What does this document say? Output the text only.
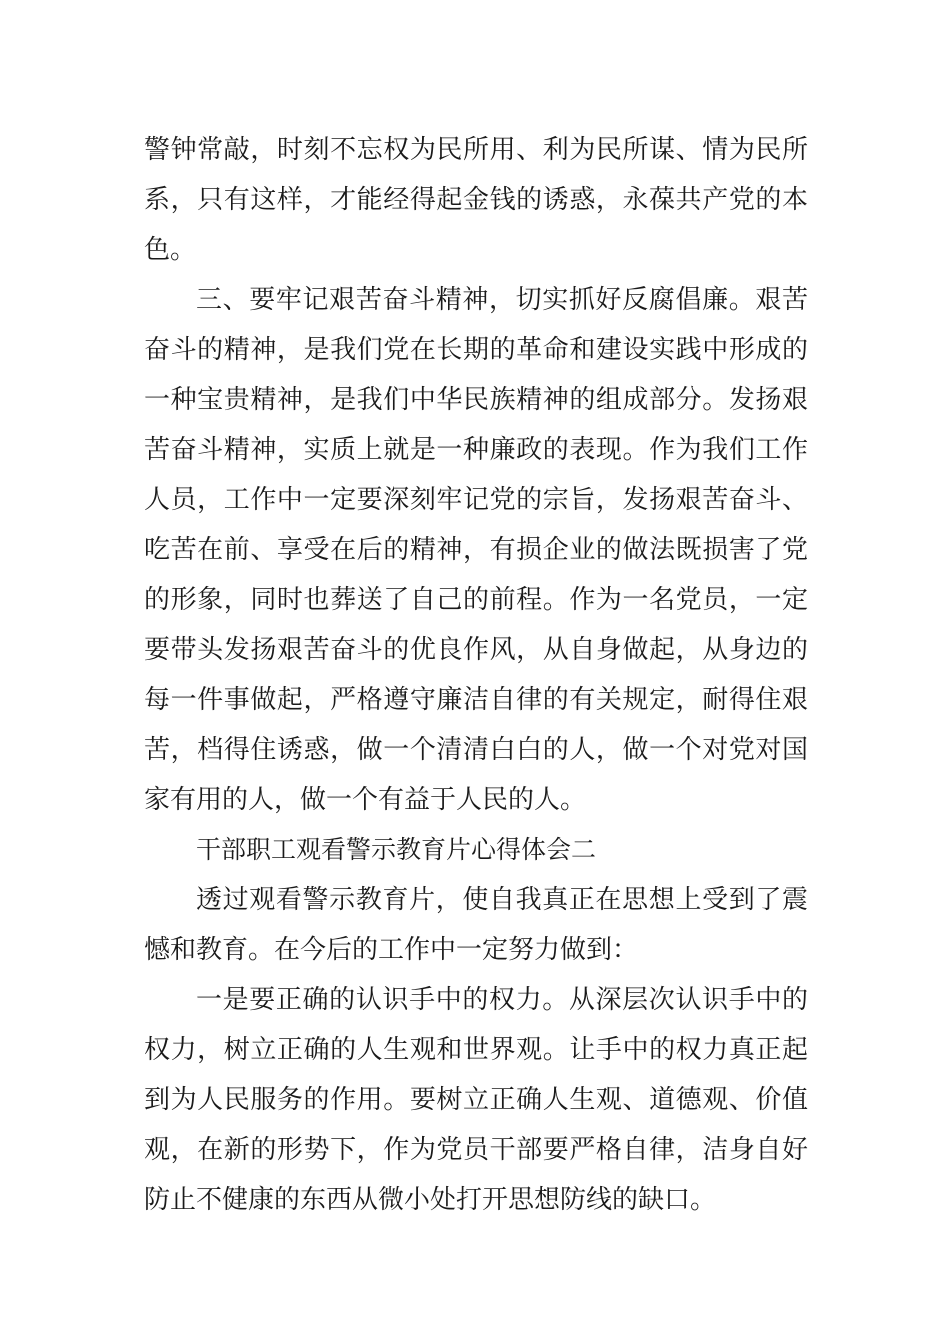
警钟常敲，时刻不忘权为民所用、利为民所谋、情为民所系，只有这样，才能经得起金钱的诱惑，永葆共产党的本色。

三、要牢记艰苦奋斗精神，切实抓好反腐倡廉。艰苦奋斗的精神，是我们党在长期的革命和建设实践中形成的一种宝贵精神，是我们中华民族精神的组成部分。发扬艰苦奋斗精神，实质上就是一种廉政的表现。作为我们工作人员，工作中一定要深刻牢记党的宗旨，发扬艰苦奋斗、吃苦在前、享受在后的精神，有损企业的做法既损害了党的形象，同时也葬送了自己的前程。作为一名党员，一定要带头发扬艰苦奋斗的优良作风，从自身做起，从身边的每一件事做起，严格遵守廉洁自律的有关规定，耐得住艰苦，档得住诱惑，做一个清清白白的人，做一个对党对国家有用的人，做一个有益于人民的人。

干部职工观看警示教育片心得体会二

透过观看警示教育片，使自我真正在思想上受到了震憾和教育。在今后的工作中一定努力做到：

一是要正确的认识手中的权力。从深层次认识手中的权力，树立正确的人生观和世界观。让手中的权力真正起到为人民服务的作用。要树立正确人生观、道德观、价值观，在新的形势下，作为党员干部要严格自律，洁身自好防止不健康的东西从微小处打开思想防线的缺口。
